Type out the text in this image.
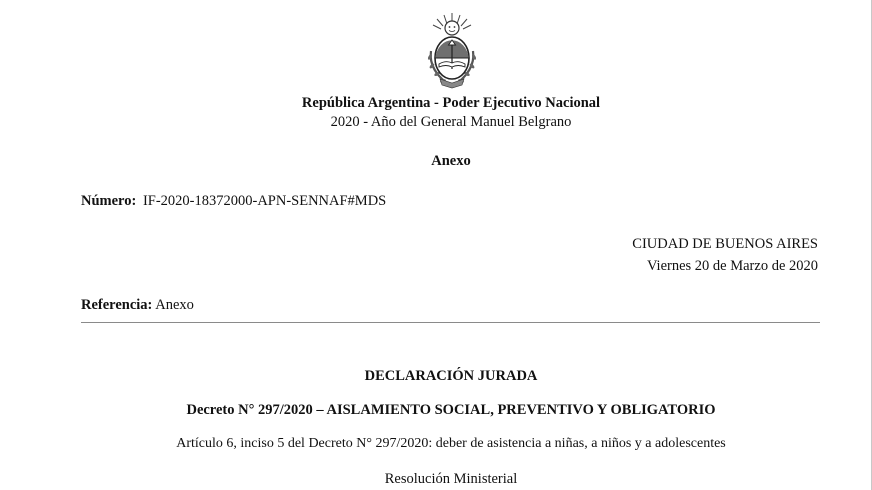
República Argentina - Poder Ejecutivo Nacional
2020 - Año del General Manuel Belgrano
Anexo
Número: IF-2020-18372000-APN-SENNAF#MDS
CIUDAD DE BUENOS AIRES
Viernes 20 de Marzo de 2020
Referencia: Anexo
DECLARACIÓN JURADA
Decreto N° 297/2020 – AISLAMIENTO SOCIAL, PREVENTIVO Y OBLIGATORIO
Artículo 6, inciso 5 del Decreto N° 297/2020: deber de asistencia a niñas, a niños y a adolescentes
Resolución Ministerial
